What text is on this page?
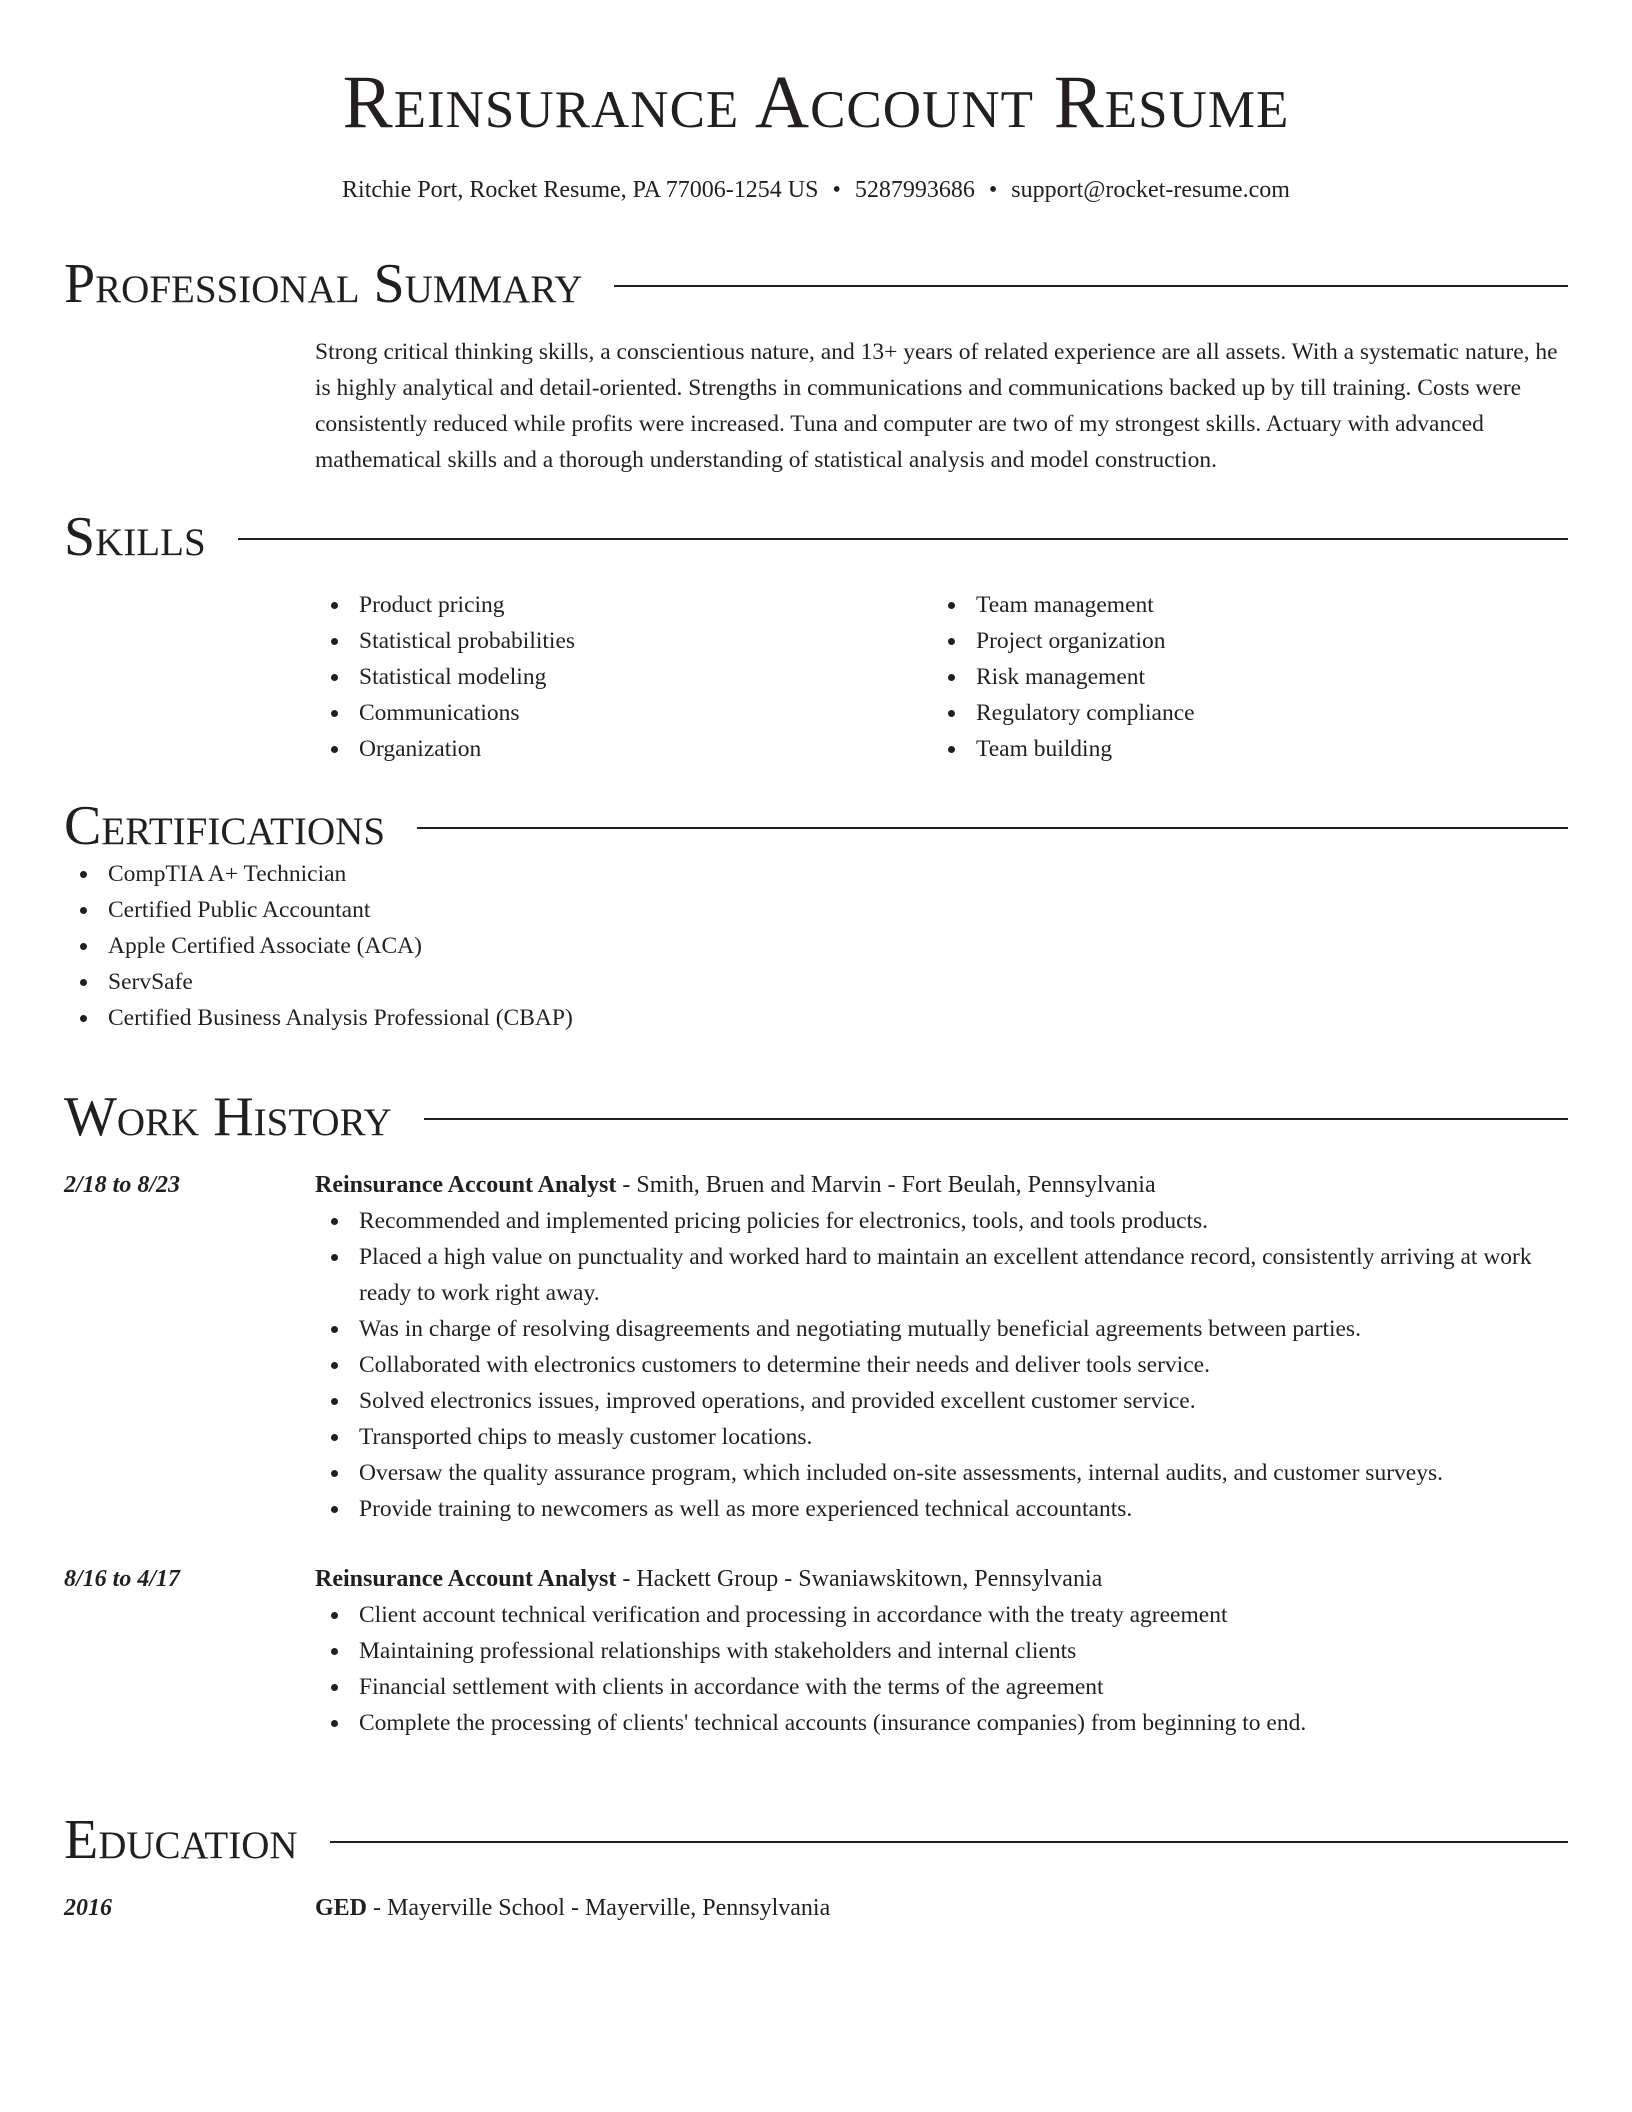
Reinsurance Account Resume
Ritchie Port, Rocket Resume, PA 77006-1254 US • 5287993686 • support@rocket-resume.com
Professional Summary
Strong critical thinking skills, a conscientious nature, and 13+ years of related experience are all assets. With a systematic nature, he is highly analytical and detail-oriented. Strengths in communications and communications backed up by till training. Costs were consistently reduced while profits were increased. Tuna and computer are two of my strongest skills. Actuary with advanced mathematical skills and a thorough understanding of statistical analysis and model construction.
Skills
Product pricing
Statistical probabilities
Statistical modeling
Communications
Organization
Team management
Project organization
Risk management
Regulatory compliance
Team building
Certifications
CompTIA A+ Technician
Certified Public Accountant
Apple Certified Associate (ACA)
ServSafe
Certified Business Analysis Professional (CBAP)
Work History
2/18 to 8/23	Reinsurance Account Analyst - Smith, Bruen and Marvin - Fort Beulah, Pennsylvania
Recommended and implemented pricing policies for electronics, tools, and tools products.
Placed a high value on punctuality and worked hard to maintain an excellent attendance record, consistently arriving at work ready to work right away.
Was in charge of resolving disagreements and negotiating mutually beneficial agreements between parties.
Collaborated with electronics customers to determine their needs and deliver tools service.
Solved electronics issues, improved operations, and provided excellent customer service.
Transported chips to measly customer locations.
Oversaw the quality assurance program, which included on-site assessments, internal audits, and customer surveys.
Provide training to newcomers as well as more experienced technical accountants.
8/16 to 4/17	Reinsurance Account Analyst - Hackett Group - Swaniawskitown, Pennsylvania
Client account technical verification and processing in accordance with the treaty agreement
Maintaining professional relationships with stakeholders and internal clients
Financial settlement with clients in accordance with the terms of the agreement
Complete the processing of clients' technical accounts (insurance companies) from beginning to end.
Education
2016	GED - Mayerville School - Mayerville, Pennsylvania
